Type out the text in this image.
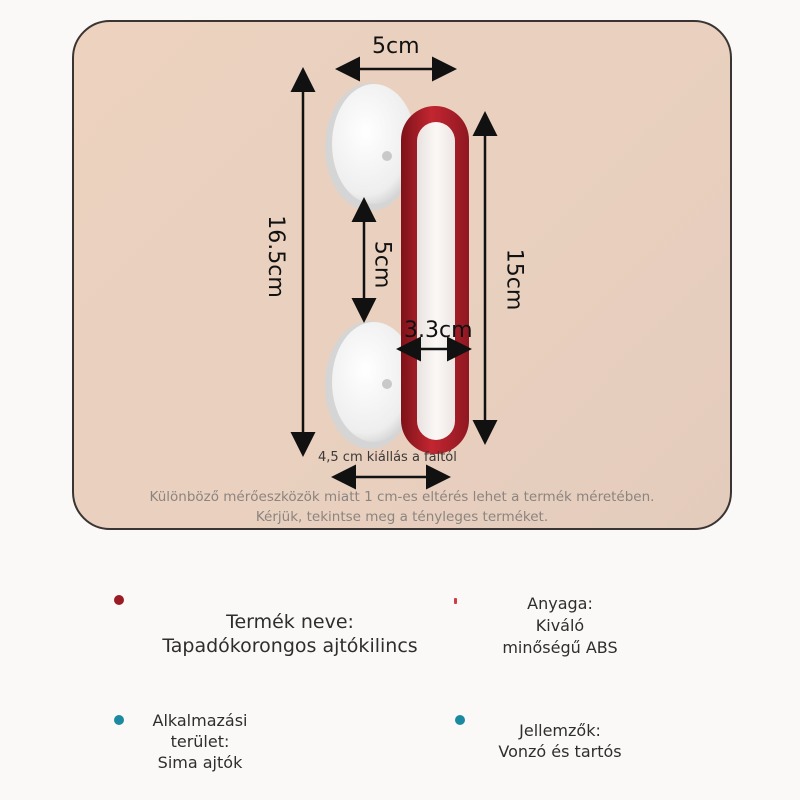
5cm
16.5cm	5cm	15cm
3.3cm
4,5 cm kiállás a faltól
Különböző mérőeszközök miatt 1 cm-es eltérés lehet a termék méretében.
Kérjük, tekintse meg a tényleges terméket.
Termék neve:
Tapadókorongos ajtókilincs
Anyaga:
Kiváló
minőségű ABS
Alkalmazási
terület:
Sima ajtók
Jellemzők:
Vonzó és tartós
